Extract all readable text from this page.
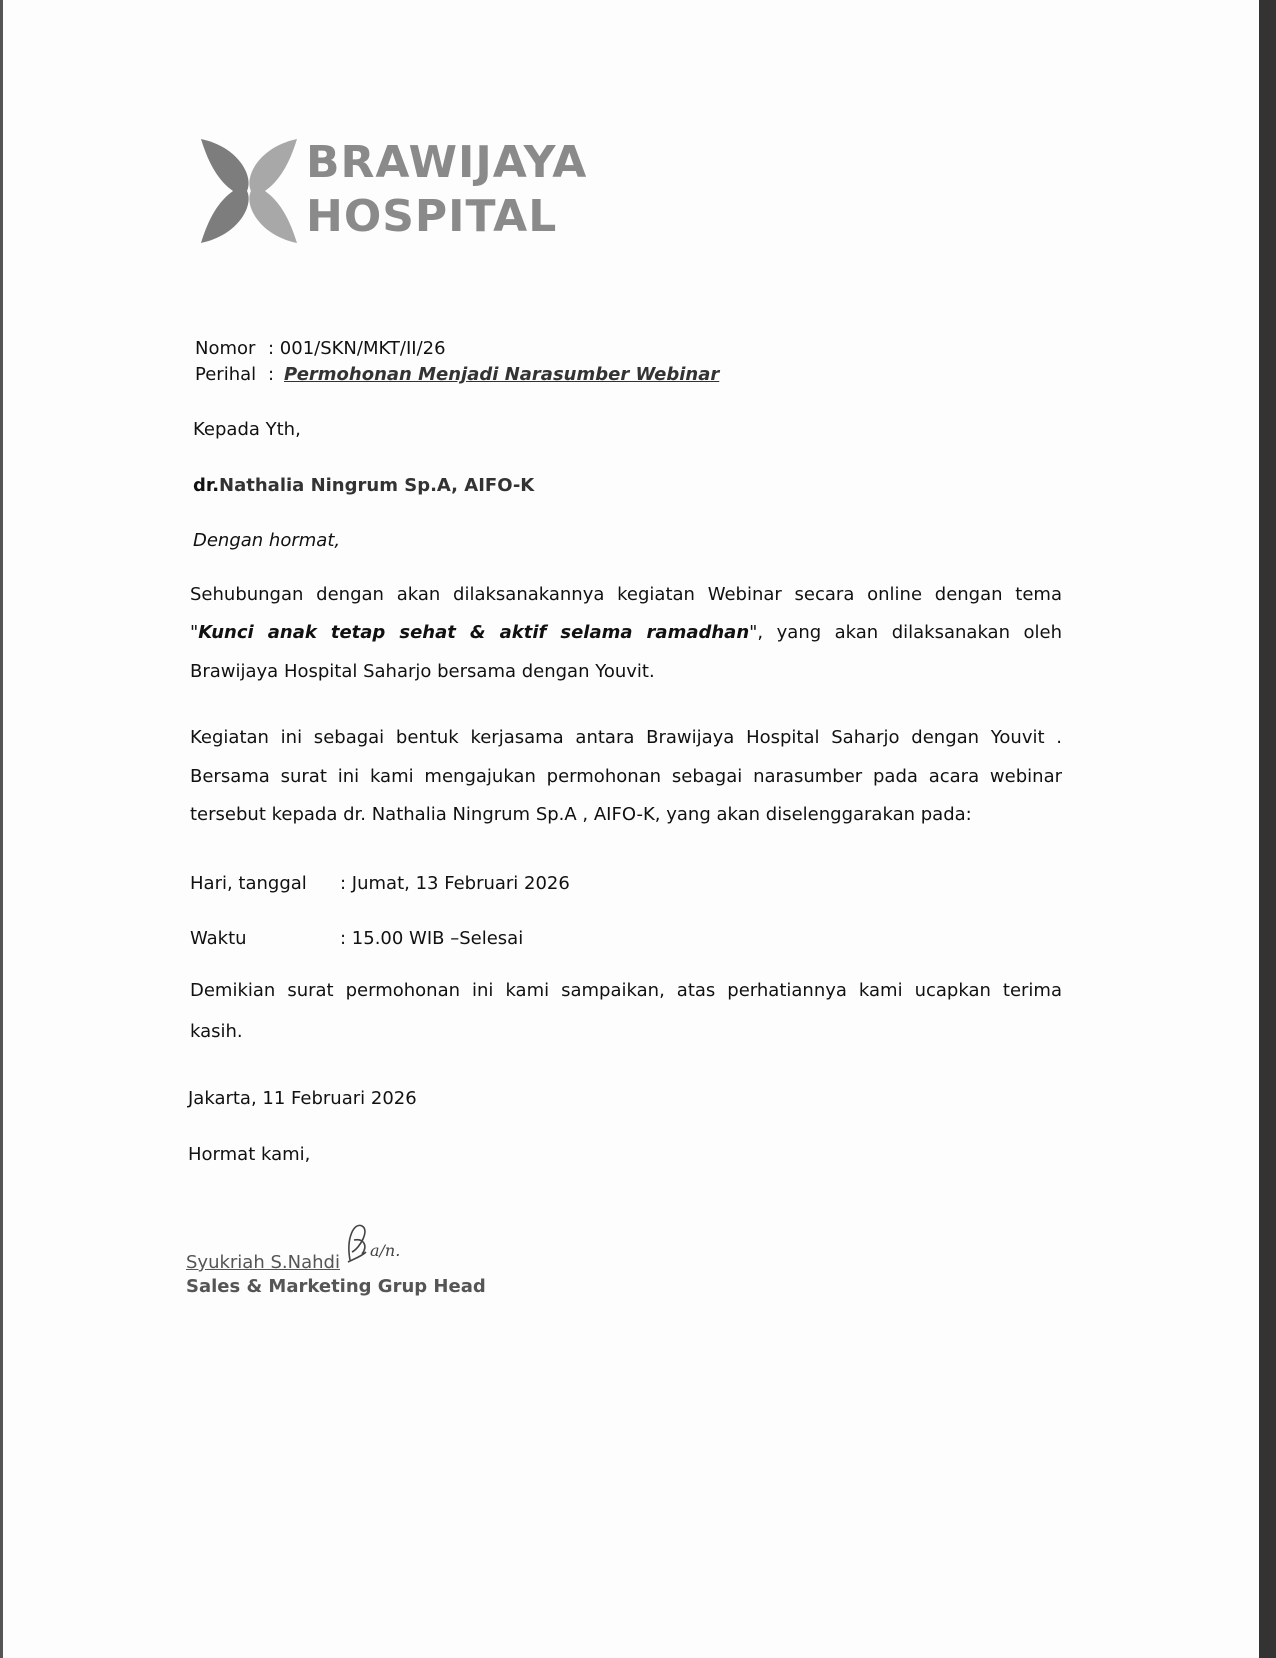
BRAWIJAYA
HOSPITAL
Nomor : 001/SKN/MKT/II/26
Perihal : Permohonan Menjadi Narasumber Webinar
Kepada Yth,
dr.Nathalia Ningrum Sp.A, AIFO-K
Dengan hormat,
Sehubungan dengan akan dilaksanakannya kegiatan Webinar secara online dengan tema
"Kunci anak tetap sehat & aktif selama ramadhan", yang akan dilaksanakan oleh
Brawijaya Hospital Saharjo bersama dengan Youvit.
Kegiatan ini sebagai bentuk kerjasama antara Brawijaya Hospital Saharjo dengan Youvit .
Bersama surat ini kami mengajukan permohonan sebagai narasumber pada acara webinar
tersebut kepada dr. Nathalia Ningrum Sp.A , AIFO-K, yang akan diselenggarakan pada:
Hari, tanggal : Jumat, 13 Februari 2026
Waktu	: 15.00 WIB –Selesai
Demikian surat permohonan ini kami sampaikan, atas perhatiannya kami ucapkan terima
kasih.
Jakarta, 11 Februari 2026
Hormat kami,
Syukriah S.Nahdi
a/n.
Sales & Marketing Grup Head
